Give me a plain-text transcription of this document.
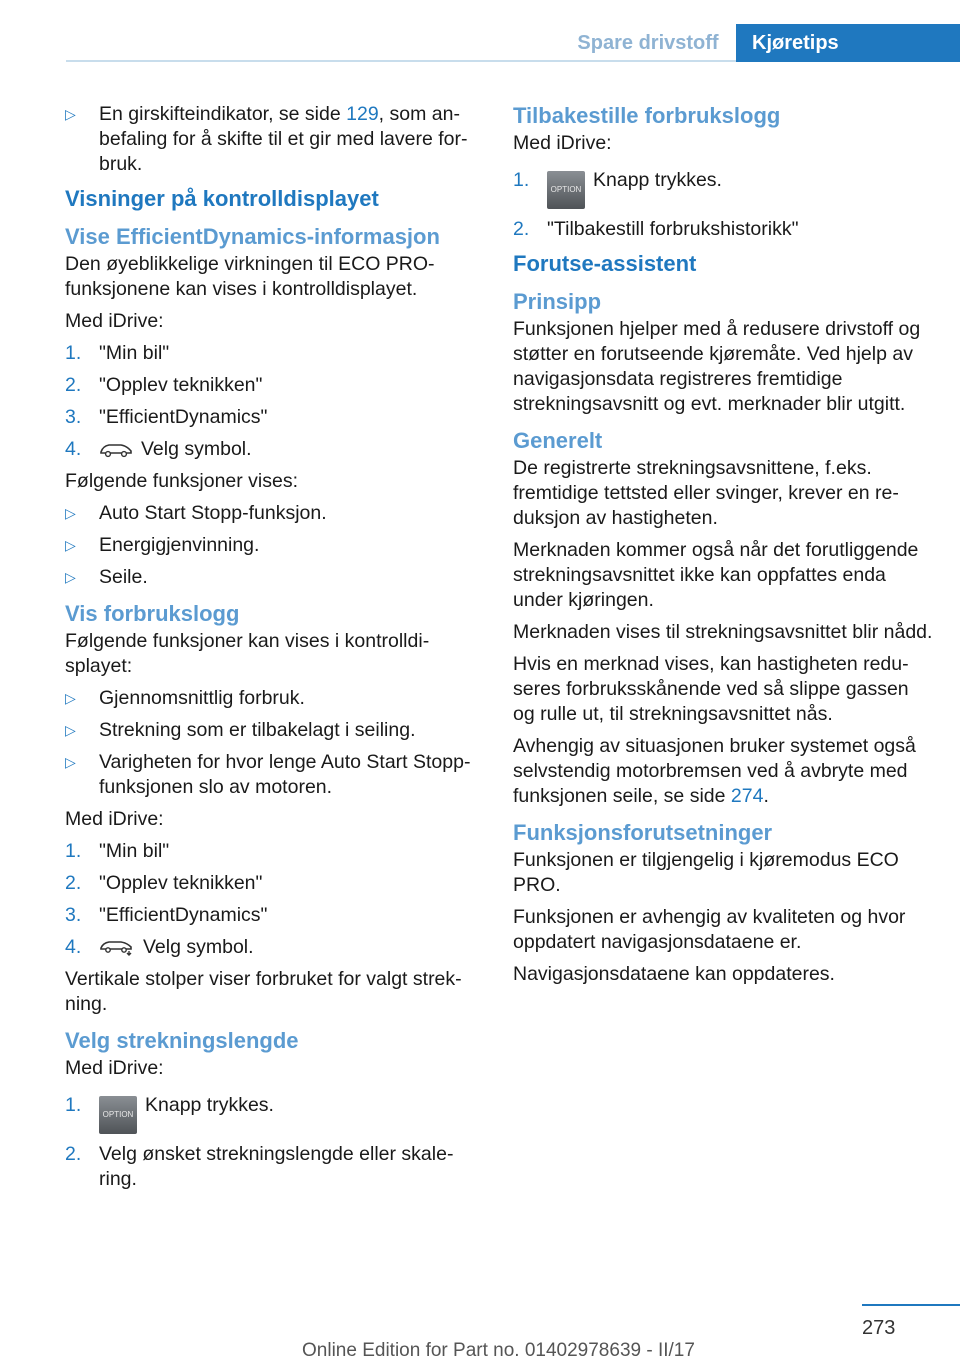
Spare drivstoff	Kjøretips
▷ En girskifteindikator, se side 129, som anbefaling for å skifte til et gir med lavere forbruk.
Visninger på kontrolldisplayet
Vise EfficientDynamics-informasjon

Den øyeblikkelige virkningen til ECO PRO-funksjonene kan vises i kontrolldisplayet.

Med iDrive:

1. "Min bil"
2. "Opplev teknikken"
3. "EfficientDynamics"
4.	Velg symbol.

Følgende funksjoner vises:

▷ Auto Start Stopp-funksjon.
▷ Energigjenvinning.
▷ Seile.
Vis forbrukslogg

Følgende funksjoner kan vises i kontrolldisplayet:

▷ Gjennomsnittlig forbruk.
▷ Strekning som er tilbakelagt i seiling.
▷ Varigheten for hvor lenge Auto Start Stopp-funksjonen slo av motoren.

Med iDrive:

1. "Min bil"
2. "Opplev teknikken"
3. "EfficientDynamics"
4.	Velg symbol.

Vertikale stolper viser forbruket for valgt strekning.

Velg strekningslengde

Med iDrive:

1.	OPTION Knapp trykkes.
2. Velg ønsket strekningslengde eller skalering.
Tilbakestille forbrukslogg

Med iDrive:

1.	OPTION Knapp trykkes.
2. "Tilbakestill forbrukshistorikk"
Forutse-assistent
Prinsipp

Funksjonen hjelper med å redusere drivstoff og støtter en forutseende kjøremåte. Ved hjelp av navigasjonsdata registreres fremtidige strekningsavsnitt og evt. merknader blir utgitt.

Generelt

De registrerte strekningsavsnittene, f.eks. fremtidige tettsted eller svinger, krever en reduksjon av hastigheten.

Merknaden kommer også når det forutliggende strekningsavsnittet ikke kan oppfattes enda under kjøringen.

Merknaden vises til strekningsavsnittet blir nådd.

Hvis en merknad vises, kan hastigheten reduseres forbruksskånende ved så slippe gassen og rulle ut, til strekningsavsnittet nås.

Avhengig av situasjonen bruker systemet også selvstendig motorbremsen ved å avbryte med funksjonen seile, se side 274.

Funksjonsforutsetninger

Funksjonen er tilgjengelig i kjøremodus ECO PRO.

Funksjonen er avhengig av kvaliteten og hvor oppdatert navigasjonsdataene er.

Navigasjonsdataene kan oppdateres.

273
Online Edition for Part no. 01402978639 - II/17
